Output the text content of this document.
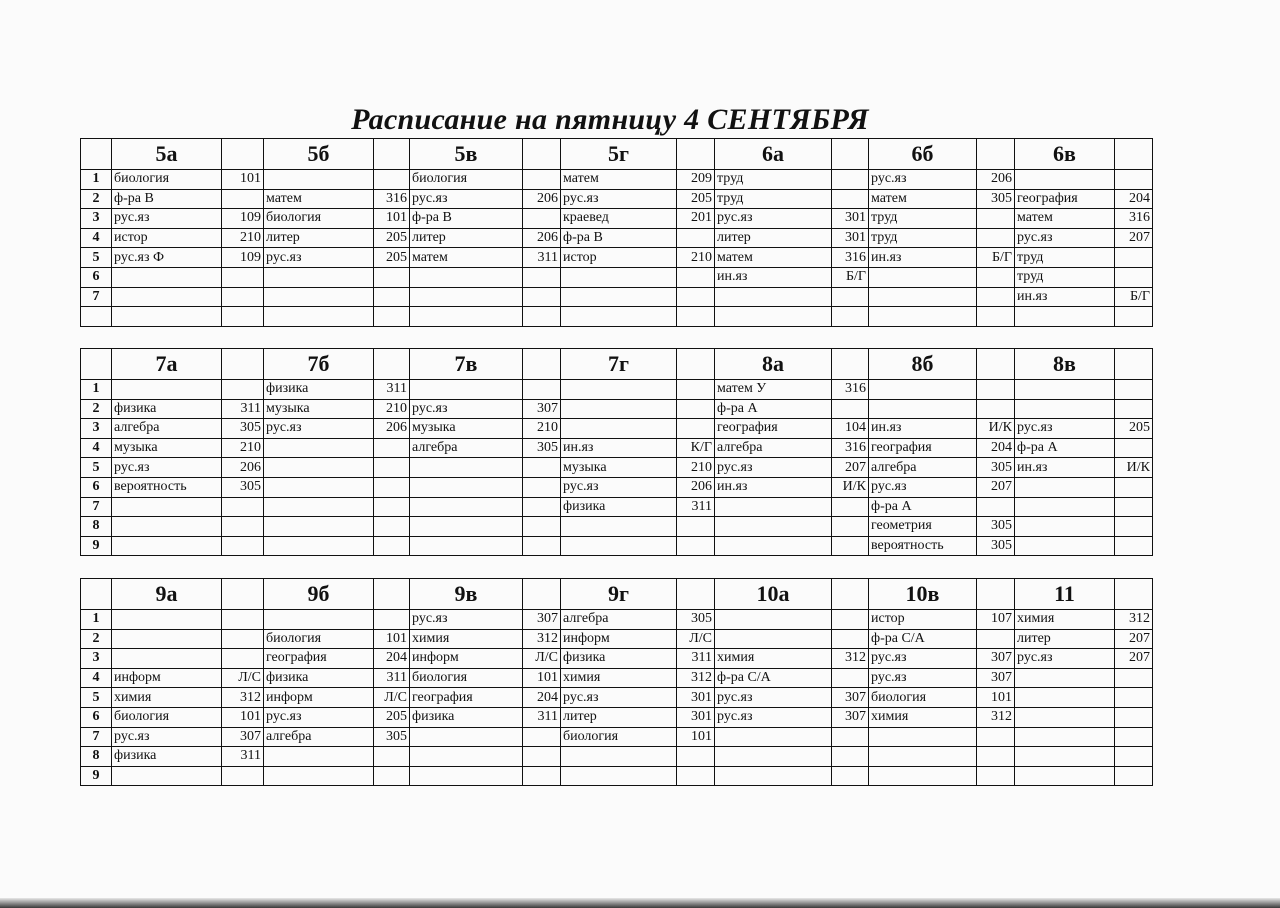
Расписание на пятницу 4 СЕНТЯБРЯ
	5а		5б		5в		5г		6а		6б		6в	
1	биология	101			биология		матем	209	труд		рус.яз	206		
2	ф-ра В		матем	316	рус.яз	206	рус.яз	205	труд		матем	305	география	204
3	рус.яз	109	биология	101	ф-ра В		краевед	201	рус.яз	301	труд		матем	316
4	истор	210	литер	205	литер	206	ф-ра В		литер	301	труд		рус.яз	207
5	рус.яз Ф	109	рус.яз	205	матем	311	истор	210	матем	316	ин.яз	Б/Г	труд	
6									ин.яз	Б/Г			труд	
7													ин.яз	Б/Г

	7а		7б		7в		7г		8а		8б		8в	
1			физика	311					матем У	316				
2	физика	311	музыка	210	рус.яз	307			ф-ра А					
3	алгебра	305	рус.яз	206	музыка	210			география	104	ин.яз	И/К	рус.яз	205
4	музыка	210			алгебра	305	ин.яз	К/Г	алгебра	316	география	204	ф-ра А	
5	рус.яз	206					музыка	210	рус.яз	207	алгебра	305	ин.яз	И/К
6	вероятность	305					рус.яз	206	ин.яз	И/К	рус.яз	207		
7							физика	311			ф-ра А			
8											геометрия	305		
9											вероятность	305		
	9а		9б		9в		9г		10а		10в		11	
1					рус.яз	307	алгебра	305			истор	107	химия	312
2			биология	101	химия	312	информ	Л/С			ф-ра С/А		литер	207
3			география	204	информ	Л/С	физика	311	химия	312	рус.яз	307	рус.яз	207
4	информ	Л/С	физика	311	биология	101	химия	312	ф-ра С/А		рус.яз	307		
5	химия	312	информ	Л/С	география	204	рус.яз	301	рус.яз	307	биология	101		
6	биология	101	рус.яз	205	физика	311	литер	301	рус.яз	307	химия	312		
7	рус.яз	307	алгебра	305			биология	101						
8	физика	311												
9														
